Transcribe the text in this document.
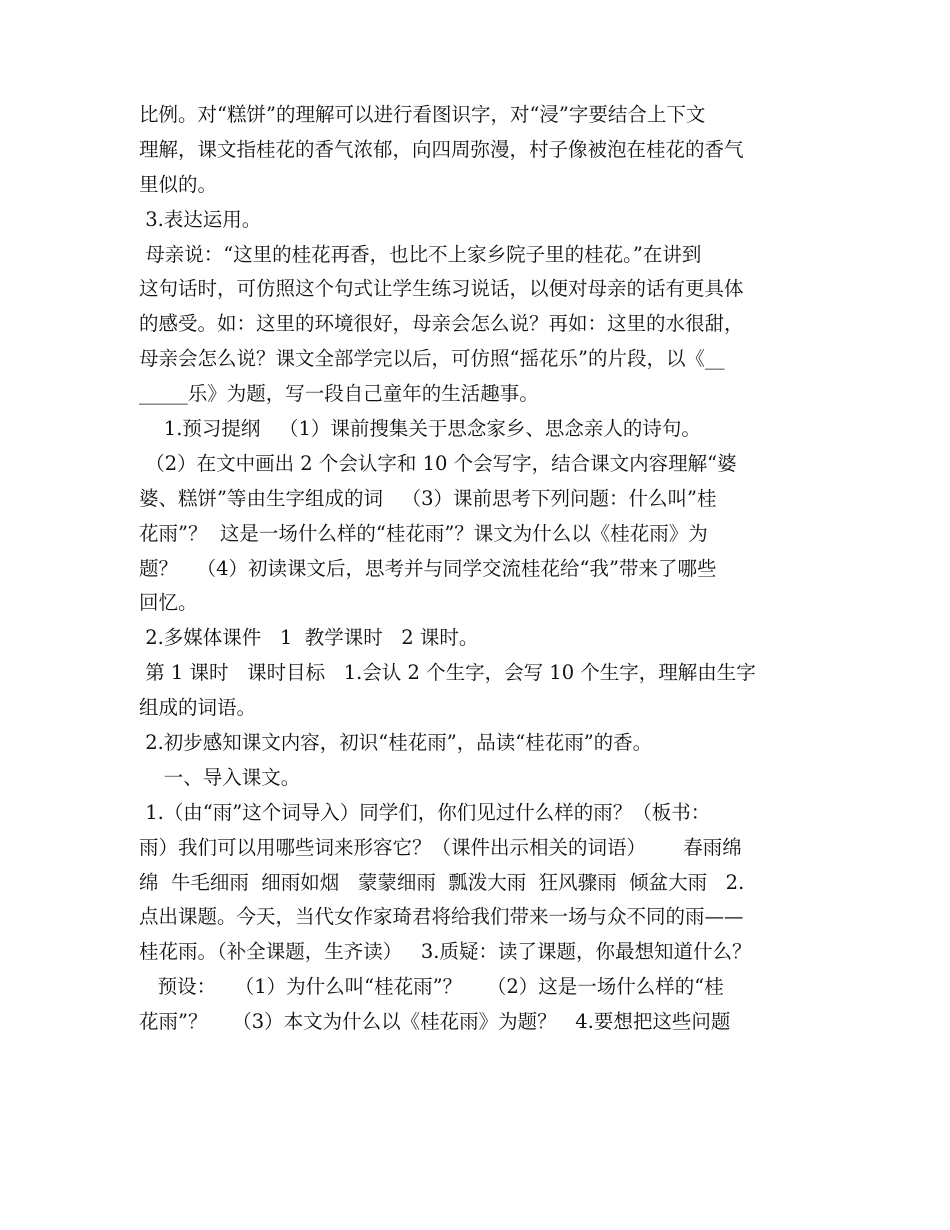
比例。对“糕饼”的理解可以进行看图识字，对“浸”字要结合上下文
理解，课文指桂花的香气浓郁，向四周弥漫，村子像被泡在桂花的香气
里似的。
3.表达运用。
母亲说：“这里的桂花再香，也比不上家乡院子里的桂花。”在讲到
这句话时，可仿照这个句式让学生练习说话，以便对母亲的话有更具体
的感受。如：这里的环境很好，母亲会怎么说？再如：这里的水很甜，
母亲会怎么说？课文全部学完以后，可仿照“摇花乐”的片段，以《__
_____乐》为题，写一段自己童年的生活趣事。
1.预习提纲   （1）课前搜集关于思念家乡、思念亲人的诗句。
（2）在文中画出 2 个会认字和 10 个会写字，结合课文内容理解“婆
婆、糕饼”等由生字组成的词   （3）课前思考下列问题：什么叫”桂
花雨”？  这是一场什么样的“桂花雨”？课文为什么以《桂花雨》为
题？   （4）初读课文后，思考并与同学交流桂花给“我”带来了哪些
回忆。
2.多媒体课件   1  教学课时   2 课时。
第 1 课时   课时目标   1.会认 2 个生字，会写 10 个生字，理解由生字
组成的词语。
2.初步感知课文内容，初识“桂花雨”，品读“桂花雨”的香。
一、导入课文。
1.（由“雨”这个词导入）同学们，你们见过什么样的雨？（板书：
雨）我们可以用哪些词来形容它？（课件出示相关的词语）      春雨绵
绵  牛毛细雨  细雨如烟   蒙蒙细雨  瓢泼大雨  狂风骤雨  倾盆大雨   2.
点出课题。今天，当代女作家琦君将给我们带来一场与众不同的雨——
桂花雨。（补全课题，生齐读）   3.质疑：读了课题，你最想知道什么？
预设：   （1）为什么叫“桂花雨”？    （2）这是一场什么样的“桂
花雨”？    （3）本文为什么以《桂花雨》为题？   4.要想把这些问题
